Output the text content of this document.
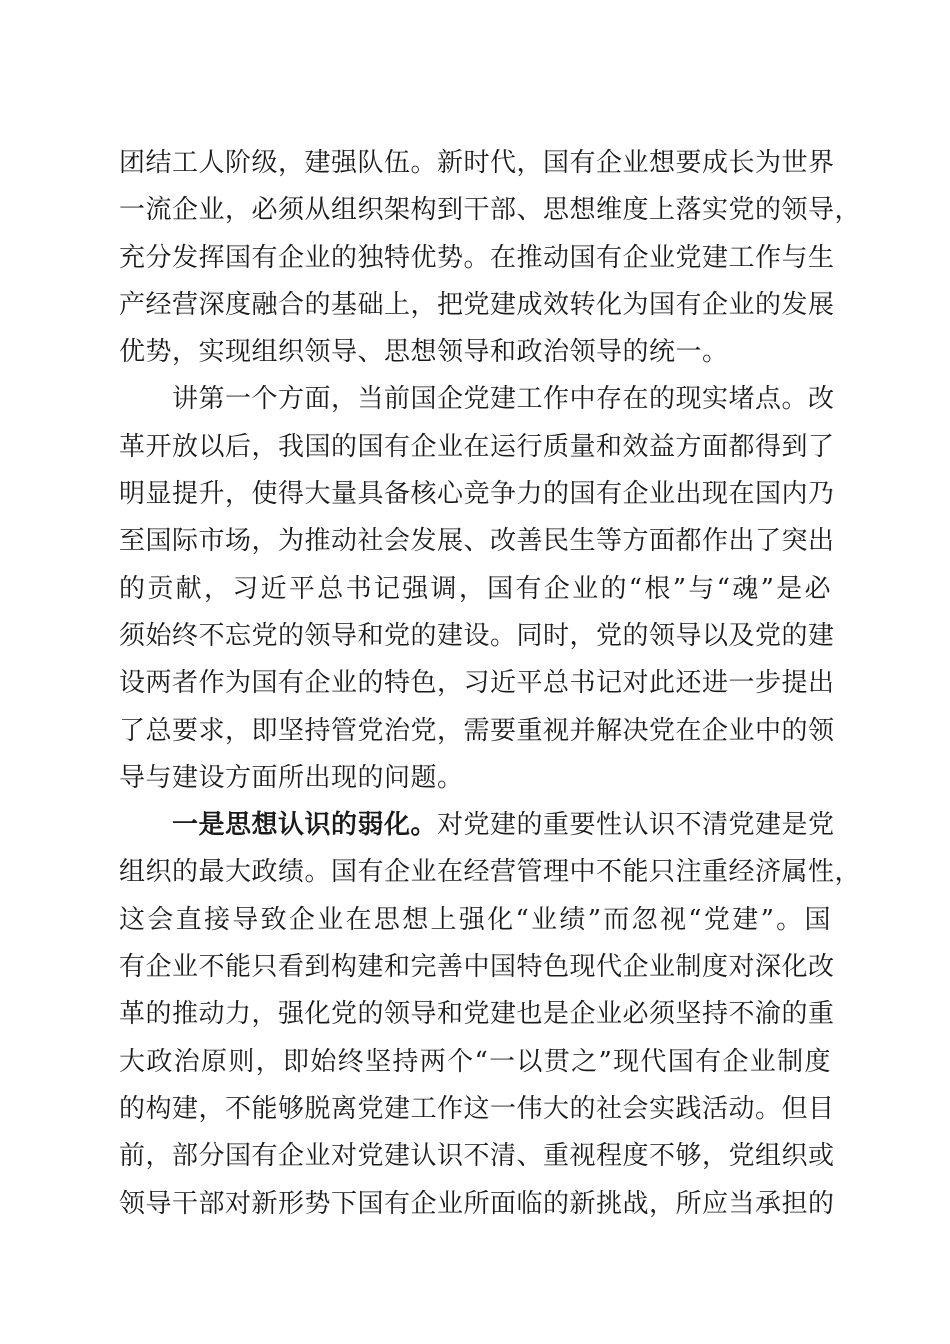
团结工人阶级，建强队伍。新时代，国有企业想要成长为世界
一流企业，必须从组织架构到干部、思想维度上落实党的领导，
充分发挥国有企业的独特优势。在推动国有企业党建工作与生
产经营深度融合的基础上，把党建成效转化为国有企业的发展
优势，实现组织领导、思想领导和政治领导的统一。
讲第一个方面，当前国企党建工作中存在的现实堵点。改
革开放以后，我国的国有企业在运行质量和效益方面都得到了
明显提升，使得大量具备核心竞争力的国有企业出现在国内乃
至国际市场，为推动社会发展、改善民生等方面都作出了突出
的贡献，习近平总书记强调，国有企业的“根”与“魂”是必
须始终不忘党的领导和党的建设。同时，党的领导以及党的建
设两者作为国有企业的特色，习近平总书记对此还进一步提出
了总要求，即坚持管党治党，需要重视并解决党在企业中的领
导与建设方面所出现的问题。
一是思想认识的弱化。对党建的重要性认识不清党建是党
组织的最大政绩。国有企业在经营管理中不能只注重经济属性，
这会直接导致企业在思想上强化“业绩”而忽视“党建”。国
有企业不能只看到构建和完善中国特色现代企业制度对深化改
革的推动力，强化党的领导和党建也是企业必须坚持不渝的重
大政治原则，即始终坚持两个“一以贯之”现代国有企业制度
的构建，不能够脱离党建工作这一伟大的社会实践活动。但目
前，部分国有企业对党建认识不清、重视程度不够，党组织或
领导干部对新形势下国有企业所面临的新挑战，所应当承担的
